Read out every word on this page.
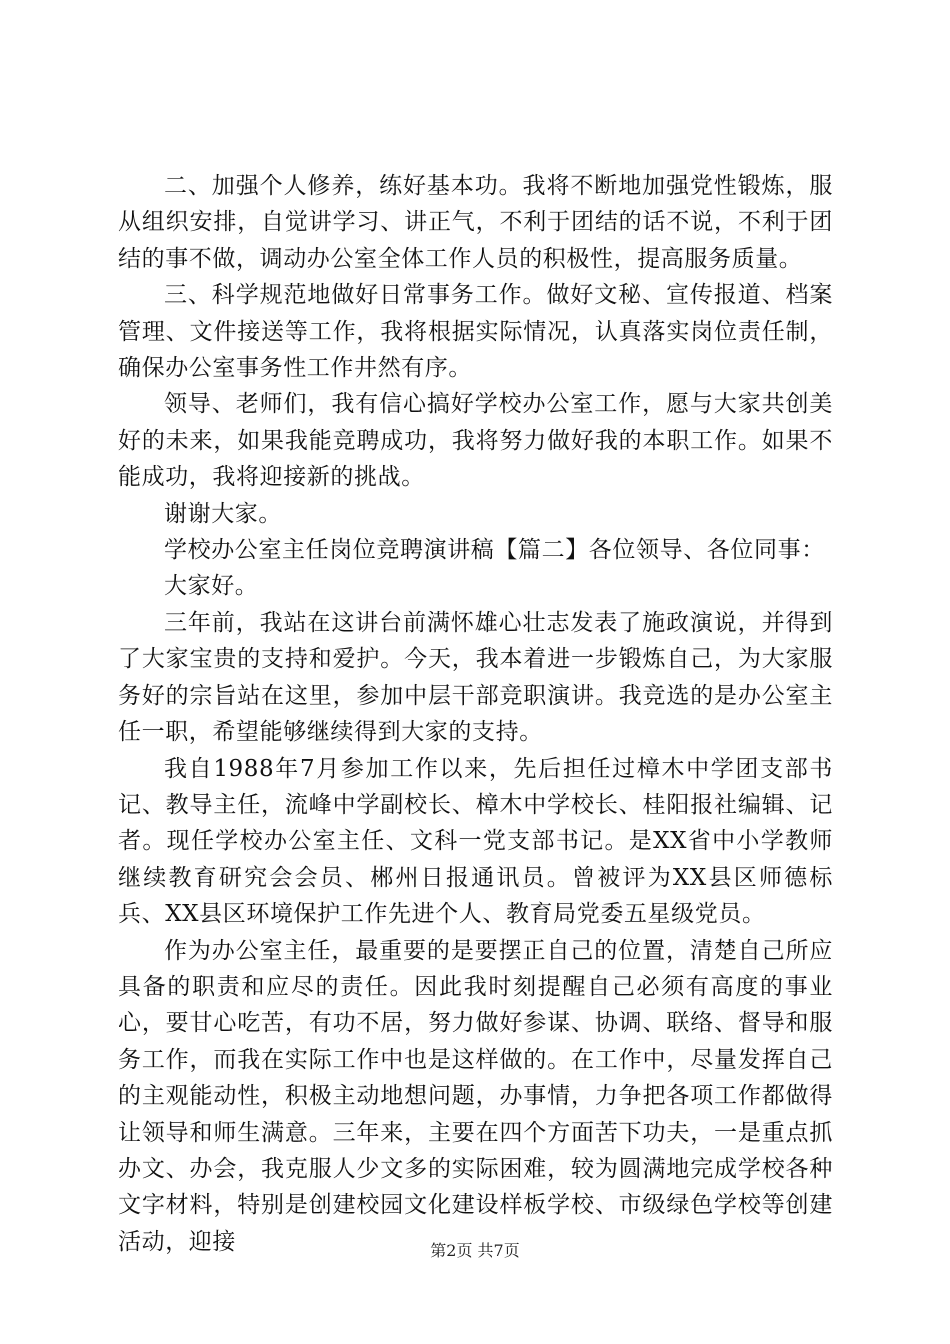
二、加强个人修养，练好基本功。我将不断地加强党性锻炼，服从组织安排，自觉讲学习、讲正气，不利于团结的话不说，不利于团结的事不做，调动办公室全体工作人员的积极性，提高服务质量。

三、科学规范地做好日常事务工作。做好文秘、宣传报道、档案管理、文件接送等工作，我将根据实际情况，认真落实岗位责任制，确保办公室事务性工作井然有序。

领导、老师们，我有信心搞好学校办公室工作，愿与大家共创美好的未来，如果我能竞聘成功，我将努力做好我的本职工作。如果不能成功，我将迎接新的挑战。

谢谢大家。

学校办公室主任岗位竞聘演讲稿【篇二】各位领导、各位同事：

大家好。

三年前，我站在这讲台前满怀雄心壮志发表了施政演说，并得到了大家宝贵的支持和爱护。今天，我本着进一步锻炼自己，为大家服务好的宗旨站在这里，参加中层干部竞职演讲。我竞选的是办公室主任一职，希望能够继续得到大家的支持。

我自1988年7月参加工作以来，先后担任过樟木中学团支部书记、教导主任，流峰中学副校长、樟木中学校长、桂阳报社编辑、记者。现任学校办公室主任、文科一党支部书记。是XX省中小学教师继续教育研究会会员、郴州日报通讯员。曾被评为XX县区师德标兵、XX县区环境保护工作先进个人、教育局党委五星级党员。

作为办公室主任，最重要的是要摆正自己的位置，清楚自己所应具备的职责和应尽的责任。因此我时刻提醒自己必须有高度的事业心，要甘心吃苦，有功不居，努力做好参谋、协调、联络、督导和服务工作，而我在实际工作中也是这样做的。在工作中，尽量发挥自己的主观能动性，积极主动地想问题，办事情，力争把各项工作都做得让领导和师生满意。三年来，主要在四个方面苦下功夫，一是重点抓办文、办会，我克服人少文多的实际困难，较为圆满地完成学校各种文字材料，特别是创建校园文化建设样板学校、市级绿色学校等创建活动，迎接	第2页 共7页
